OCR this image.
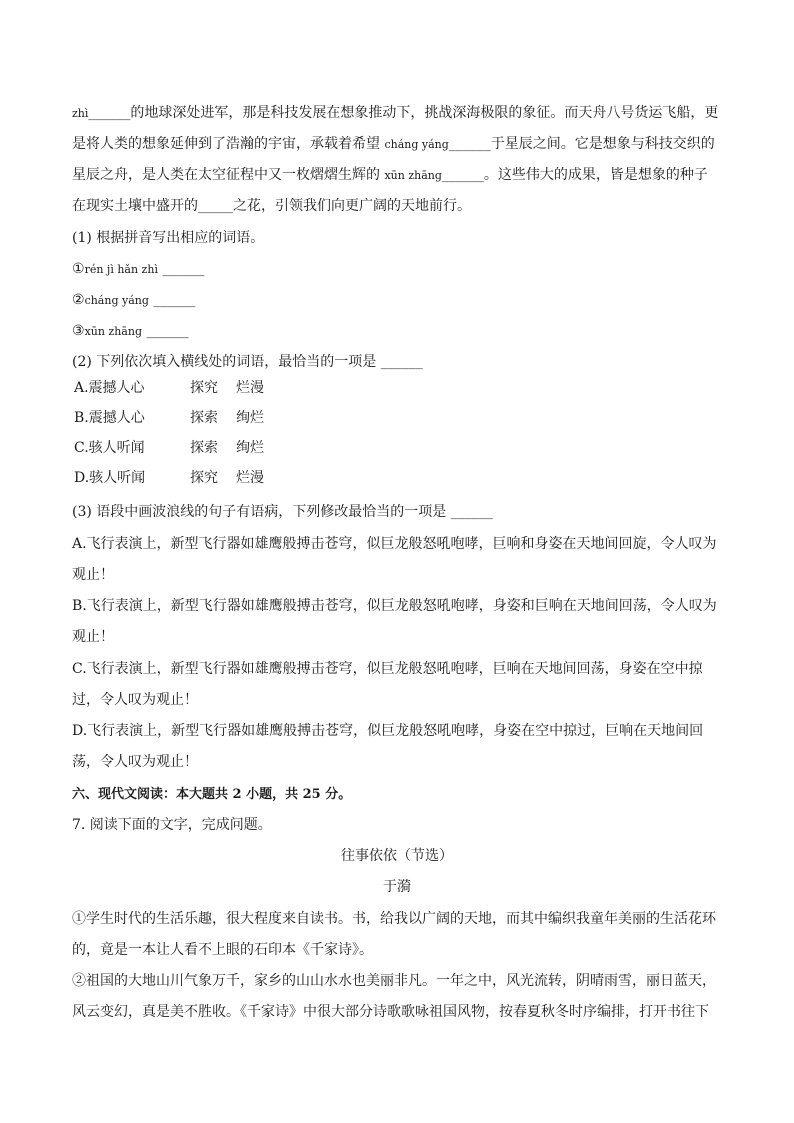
zhì______的地球深处进军，那是科技发展在想象推动下，挑战深海极限的象征。而天舟八号货运飞船，更
是将人类的想象延伸到了浩瀚的宇宙，承载着希望 cháng yáng______于星辰之间。它是想象与科技交织的
星辰之舟，是人类在太空征程中又一枚熠熠生辉的 xūn zhāng______。这些伟大的成果，皆是想象的种子
在现实土壤中盛开的_____之花，引领我们向更广阔的天地前行。
(1) 根据拼音写出相应的词语。
①rén jì hǎn zhì ______
②cháng yáng ______
③xūn zhāng ______
(2) 下列依次填入横线处的词语，最恰当的一项是 ______
A.震撼人心	探究 烂漫
B.震撼人心	探索 绚烂
C.骇人听闻	探索 绚烂
D.骇人听闻	探究 烂漫
(3) 语段中画波浪线的句子有语病，下列修改最恰当的一项是 ______
A.飞行表演上，新型飞行器如雄鹰般搏击苍穹，似巨龙般怒吼咆哮，巨响和身姿在天地间回旋，令人叹为
观止！
B.飞行表演上，新型飞行器如雄鹰般搏击苍穹，似巨龙般怒吼咆哮，身姿和巨响在天地间回荡，令人叹为
观止！
C.飞行表演上，新型飞行器如雄鹰般搏击苍穹，似巨龙般怒吼咆哮，巨响在天地间回荡，身姿在空中掠
过，令人叹为观止！
D.飞行表演上，新型飞行器如雄鹰般搏击苍穹，似巨龙般怒吼咆哮，身姿在空中掠过，巨响在天地间回
荡，令人叹为观止！
六、现代文阅读：本大题共 2 小题，共 25 分。
7. 阅读下面的文字，完成问题。
往事依依（节选）
于漪
①学生时代的生活乐趣，很大程度来自读书。书，给我以广阔的天地，而其中编织我童年美丽的生活花环
的，竟是一本让人看不上眼的石印本《千家诗》。
②祖国的大地山川气象万千，家乡的山山水水也美丽非凡。一年之中，风光流转，阴晴雨雪，丽日蓝天，
风云变幻，真是美不胜收。《千家诗》中很大部分诗歌歌咏祖国风物，按春夏秋冬时序编排，打开书往下
